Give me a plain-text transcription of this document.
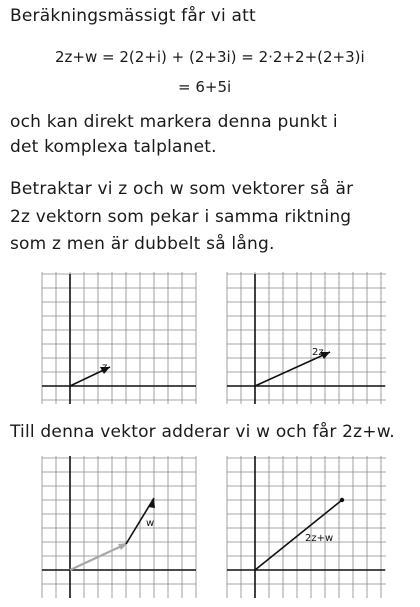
Beräkningsmässigt får vi att
2z+w = 2(2+i) + (2+3i) = 2·2+2+(2+3)i
= 6+5i
och kan direkt markera denna punkt i
det komplexa talplanet.
Betraktar vi z och w som vektorer så är
2z vektorn som pekar i samma riktning
som z men är dubbelt så lång.
z
2z
Till denna vektor adderar vi w och får 2z+w.
w
2z+w
